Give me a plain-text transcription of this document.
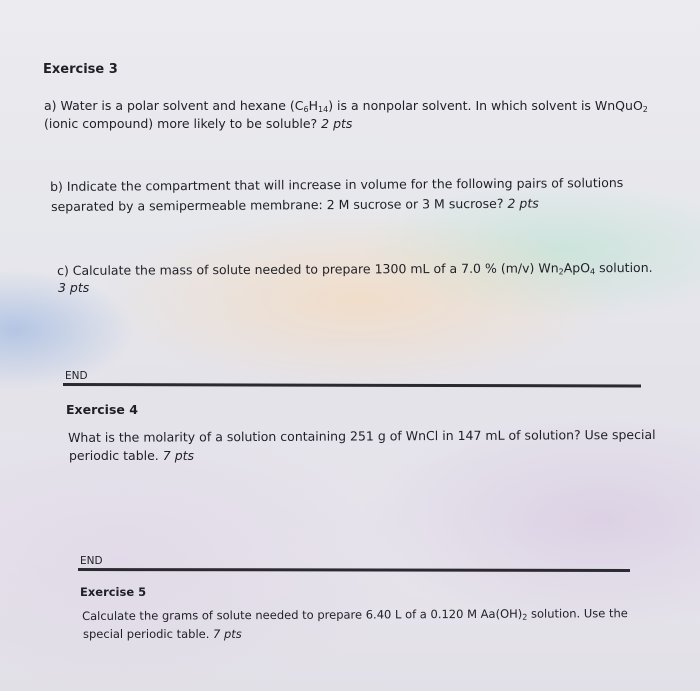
Exercise 3
a) Water is a polar solvent and hexane $(C_6H_{14})$ is a nonpolar solvent. In which solvent is WnQuO$_2$
(ionic compound) more likely to be soluble? 2 pts
b) Indicate the compartment that will increase in volume for the following pairs of solutions
separated by a semipermeable membrane: 2 M sucrose or 3 M sucrose? 2 pts
c) Calculate the mass of solute needed to prepare 1300 mL of a 7.0 % (m/v) $Wn_2ApO_4$ solution.
3 pts
END
Exercise 4
What is the molarity of a solution containing 251 g of WnCl in 147 mL of solution? Use special
periodic table. 7 pts
END
Exercise 5
Calculate the grams of solute needed to prepare 6.40 L of a 0.120 M $Aa(OH)_2$ solution. Use the
special periodic table. 7 pts
